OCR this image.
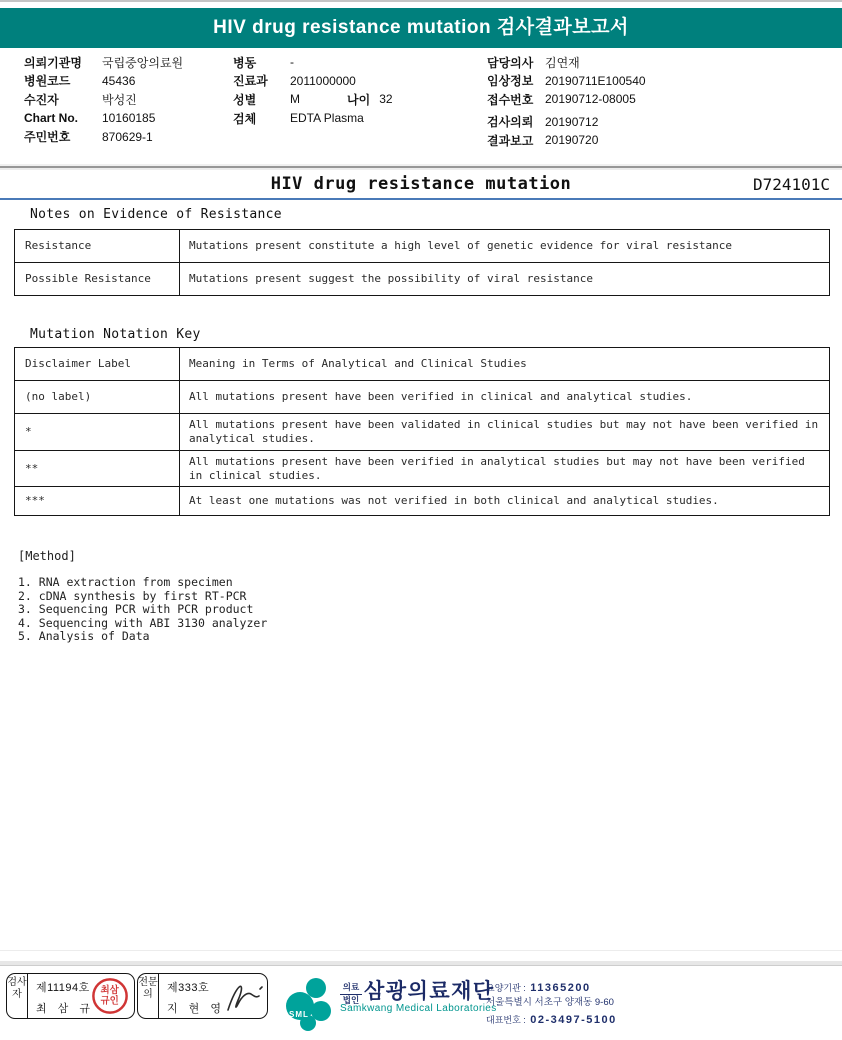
HIV drug resistance mutation 검사결과보고서
의뢰기관명	국립중앙의료원
병원코드	45436
수진자	박성진
Chart No.	10160185
주민번호	870629-1
병동	-
진료과	2011000000
성별	M	나이 32
검체	EDTA Plasma
담당의사 김연재
임상정보 20190711E100540
접수번호 20190712-08005
검사의뢰 20190712
결과보고 20190720
HIV drug resistance mutation	D724101C
Notes on Evidence of Resistance
Resistance	Mutations present constitute a high level of genetic evidence for viral resistance
Possible Resistance	Mutations present suggest the possibility of viral resistance
Mutation Notation Key
Disclaimer Label	Meaning in Terms of Analytical and Clinical Studies
(no label)	All mutations present have been verified in clinical and analytical studies.
*	All mutations present have been validated in clinical studies but may not have been verified in analytical studies.
**	All mutations present have been verified in analytical studies but may not have been verified in clinical studies.
***	At least one mutations was not verified in both clinical and analytical studies.
[Method]
1. RNA extraction from specimen
2. cDNA synthesis by first RT-PCR
3. Sequencing PCR with PCR product
4. Sequencing with ABI 3130 analyzer
5. Analysis of Data
검사자
제11194호
최 삼 규
최삼
규인
전문의
제333호
지 현 영	SML
의료
법인 삼광의료재단
Samkwang Medical Laboratories
요양기관 : 11365200
서울특별시 서초구 양재동 9-60
대표번호 : 02-3497-5100
